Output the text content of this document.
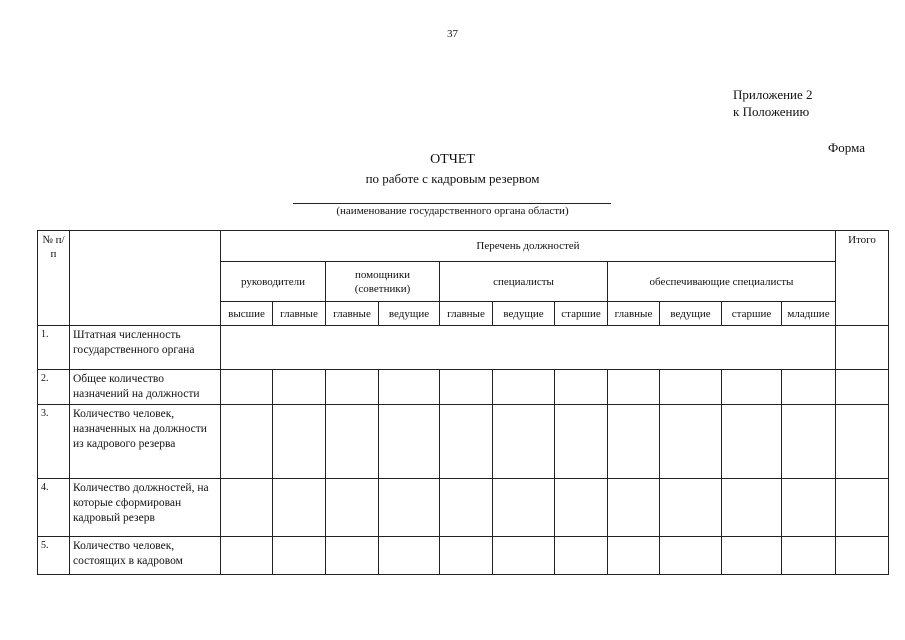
37
Приложение 2
к Положению
Форма
ОТЧЕТ
по работе с кадровым резервом
(наименование государственного органа области)
№ п/п		Перечень должностей											Итого
		руководители		помощники (советники)		специалисты			обеспечивающие специалисты				
		высшие	главные	главные	ведущие	главные	ведущие	старшие	главные	ведущие	старшие	младшие	
1.	Штатная численность государственного органа												
2.	Общее количество назначений на должности												
3.	Количество человек, назначенных на должности из кадрового резерва												
4.	Количество должностей, на которые сформирован кадровый резерв												
5.	Количество человек, состоящих в кадровом												
